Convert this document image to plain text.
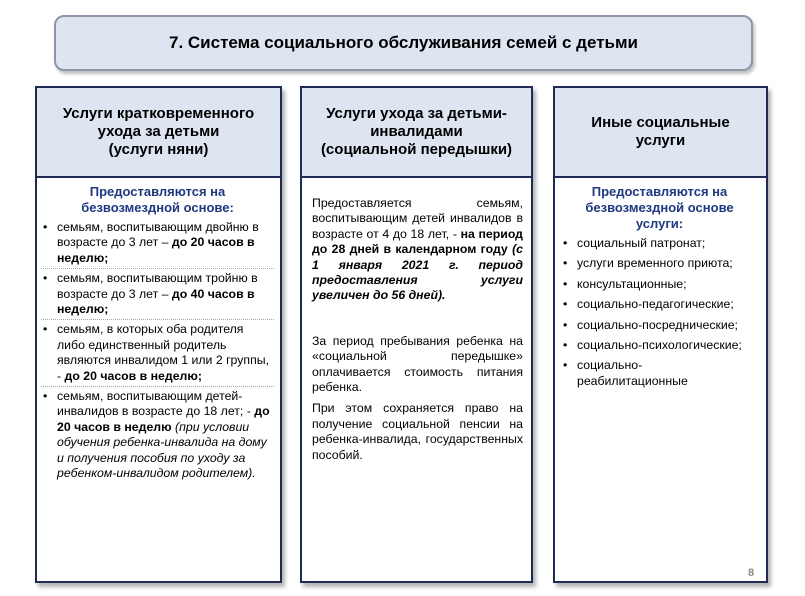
7. Система социального обслуживания семей с детьми
Услуги кратковременного
ухода за детьми
(услуги няни)
Предоставляются на
безвозмездной основе:
• семьям, воспитывающим двойню в возрасте до 3 лет – до 20 часов в неделю;
• семьям, воспитывающим тройню в возрасте до 3 лет – до 40 часов в неделю;
• семьям, в которых оба родителя либо единственный родитель являются инвалидом 1 или 2 группы, - до 20 часов в неделю;
• семьям, воспитывающим детей-инвалидов в возрасте до 18 лет; - до 20 часов в неделю (при условии обучения ребенка-инвалида на дому и получения пособия по уходу за ребенком-инвалидом родителем).
Услуги ухода за детьми-
инвалидами
(социальной передышки)

Предоставляется семьям, воспитывающим детей инвалидов в возрасте от 4 до 18 лет, - на период до 28 дней в календарном году (с 1 января 2021 г. период предоставления услуги увеличен до 56 дней).

За период пребывания ребенка на «социальной передышке» оплачивается стоимость питания ребенка.

При этом сохраняется право на получение социальной пенсии на ребенка-инвалида, государственных пособий.

Иные социальные
услуги
Предоставляются на
безвозмездной основе
услуги:
• социальный патронат;
• услуги временного приюта;
• консультационные;
• социально-педагогические;
• социально-посреднические;
• социально-психологические;
• социально-реабилитационные
8
